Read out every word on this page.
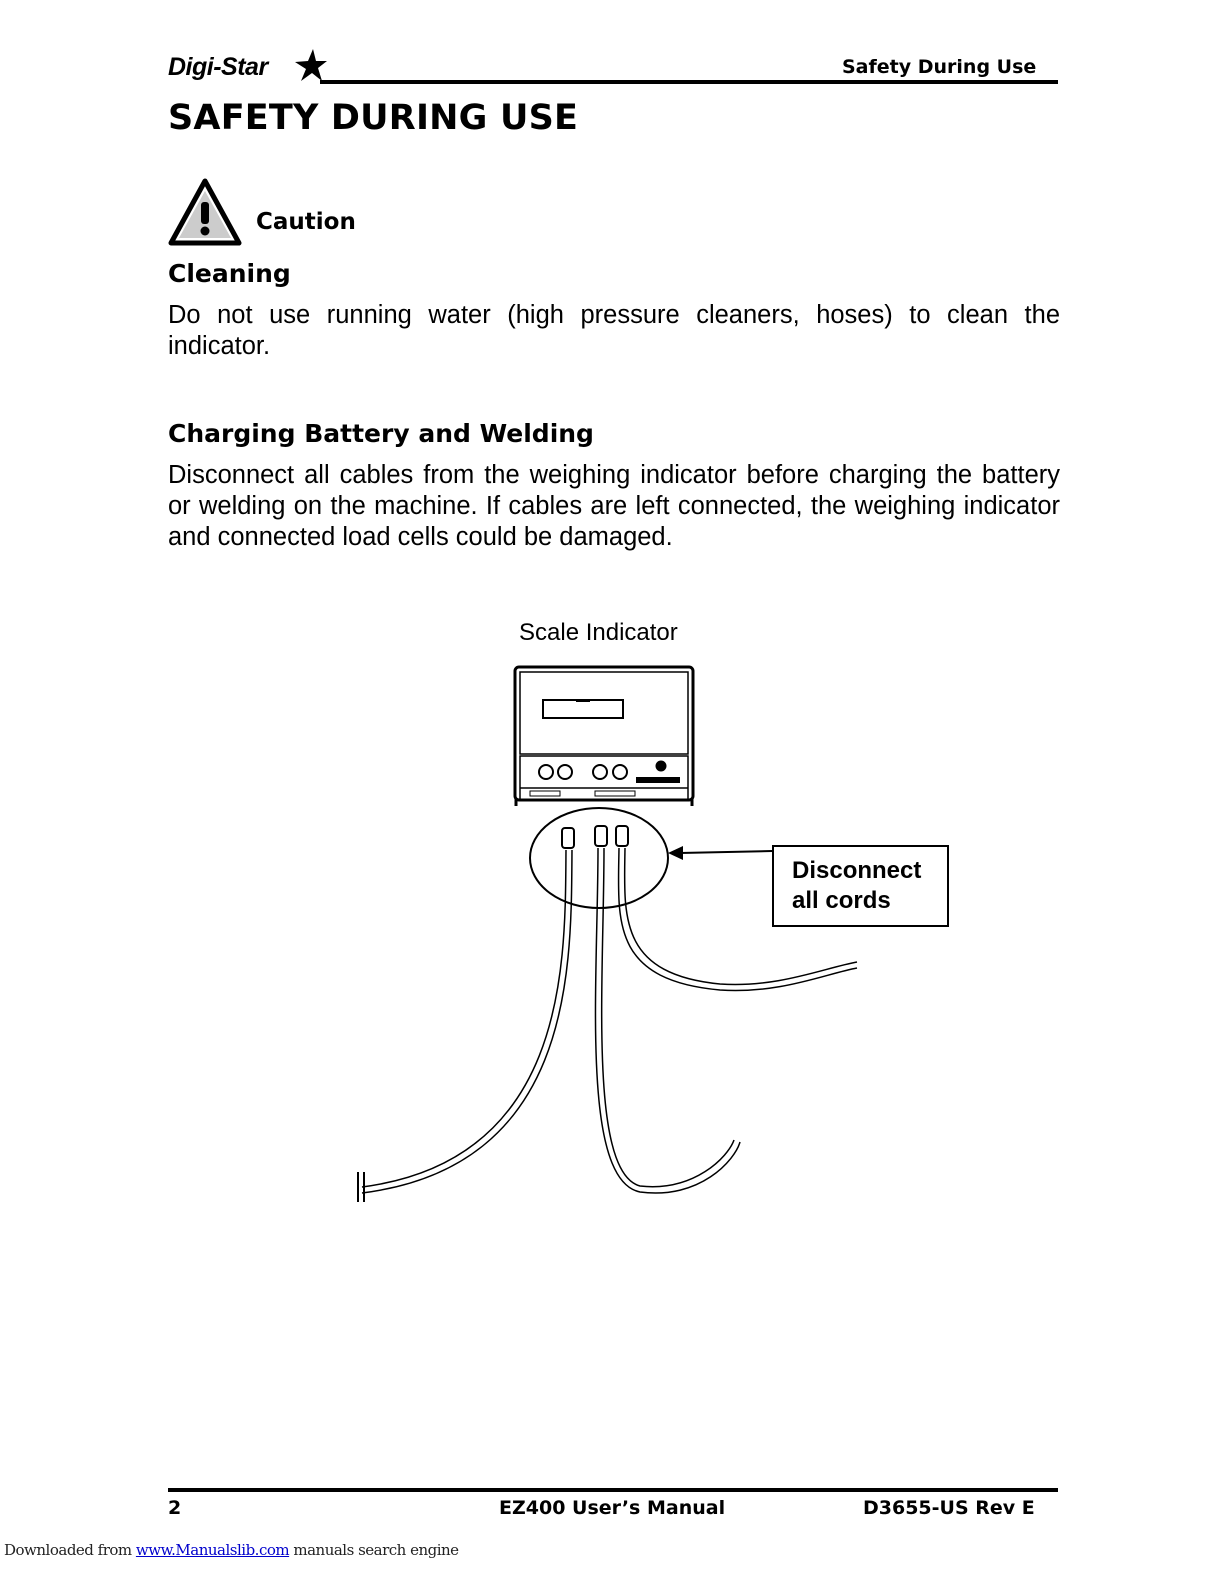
Digi-Star	Safety During Use
SAFETY DURING USE
Caution
Cleaning
Do not use running water (high pressure cleaners, hoses) to clean the indicator.
Charging Battery and Welding
Disconnect all cables from the weighing indicator before charging the battery or welding on the machine. If cables are left connected, the weighing indicator and connected load cells could be damaged.
Scale Indicator
Disconnect
all cords
2	EZ400 User’s Manual	D3655-US Rev E
Downloaded from www.Manualslib.com manuals search engine
